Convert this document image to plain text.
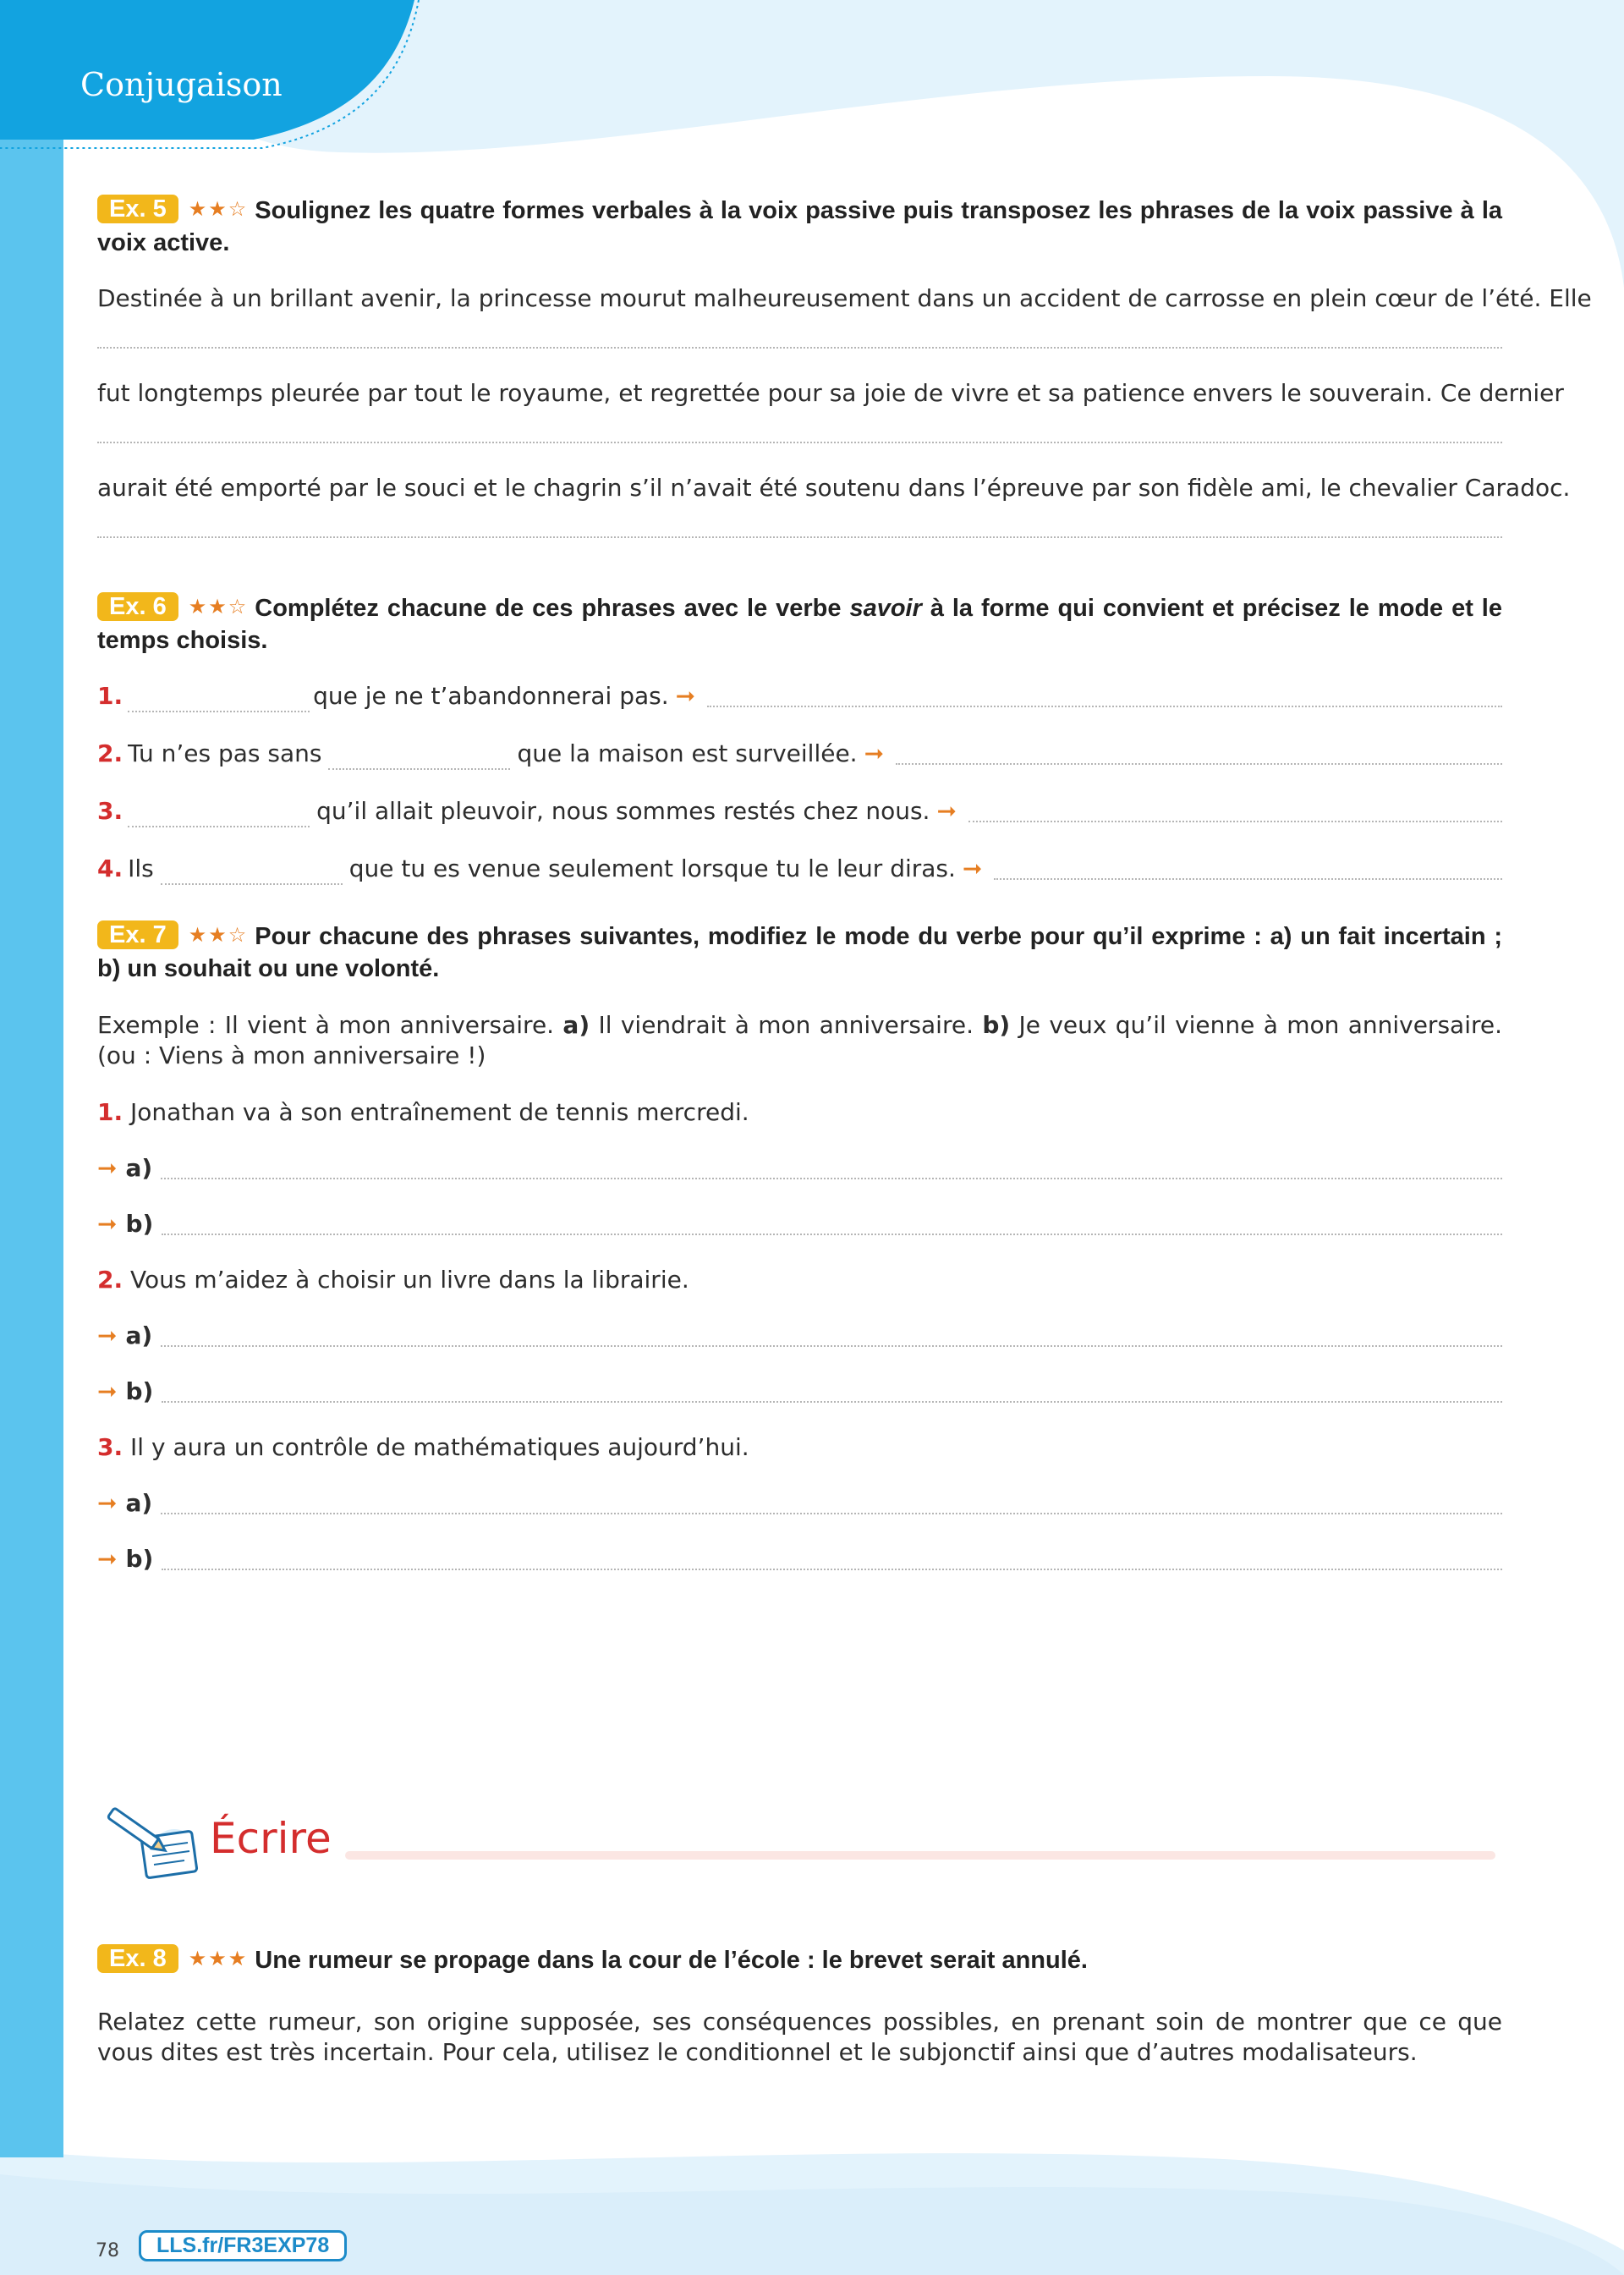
Conjugaison
Ex. 5 ★★☆ Soulignez les quatre formes verbales à la voix passive puis transposez les phrases de la voix passive à la voix active.
Destinée à un brillant avenir, la princesse mourut malheureusement dans un accident de carrosse en plein cœur de l’été. Elle
fut longtemps pleurée par tout le royaume, et regrettée pour sa joie de vivre et sa patience envers le souverain. Ce dernier
aurait été emporté par le souci et le chagrin s’il n’avait été soutenu dans l’épreuve par son fidèle ami, le chevalier Caradoc.
Ex. 6 ★★☆ Complétez chacune de ces phrases avec le verbe savoir à la forme qui convient et précisez le mode et le temps choisis.
1.	que je ne t’abandonnerai pas. ➞
2. Tu n’es pas sans	que la maison est surveillée. ➞
3.	qu’il allait pleuvoir, nous sommes restés chez nous. ➞
4. Ils	que tu es venue seulement lorsque tu le leur diras. ➞
Ex. 7 ★★☆ Pour chacune des phrases suivantes, modifiez le mode du verbe pour qu’il exprime : a) un fait incertain ; b) un souhait ou une volonté.
Exemple : Il vient à mon anniversaire. a) Il viendrait à mon anniversaire. b) Je veux qu’il vienne à mon anniversaire. (ou : Viens à mon anniversaire !)
1. Jonathan va à son entraînement de tennis mercredi.
➞ a)
➞ b)
2. Vous m’aidez à choisir un livre dans la librairie.
➞ a)
➞ b)
3. Il y aura un contrôle de mathématiques aujourd’hui.
➞ a)
➞ b)
Écrire
Ex. 8 ★★★ Une rumeur se propage dans la cour de l’école : le brevet serait annulé.
Relatez cette rumeur, son origine supposée, ses conséquences possibles, en prenant soin de montrer que ce que vous dites est très incertain. Pour cela, utilisez le conditionnel et le subjonctif ainsi que d’autres modalisateurs.
78	LLS.fr/FR3EXP78
